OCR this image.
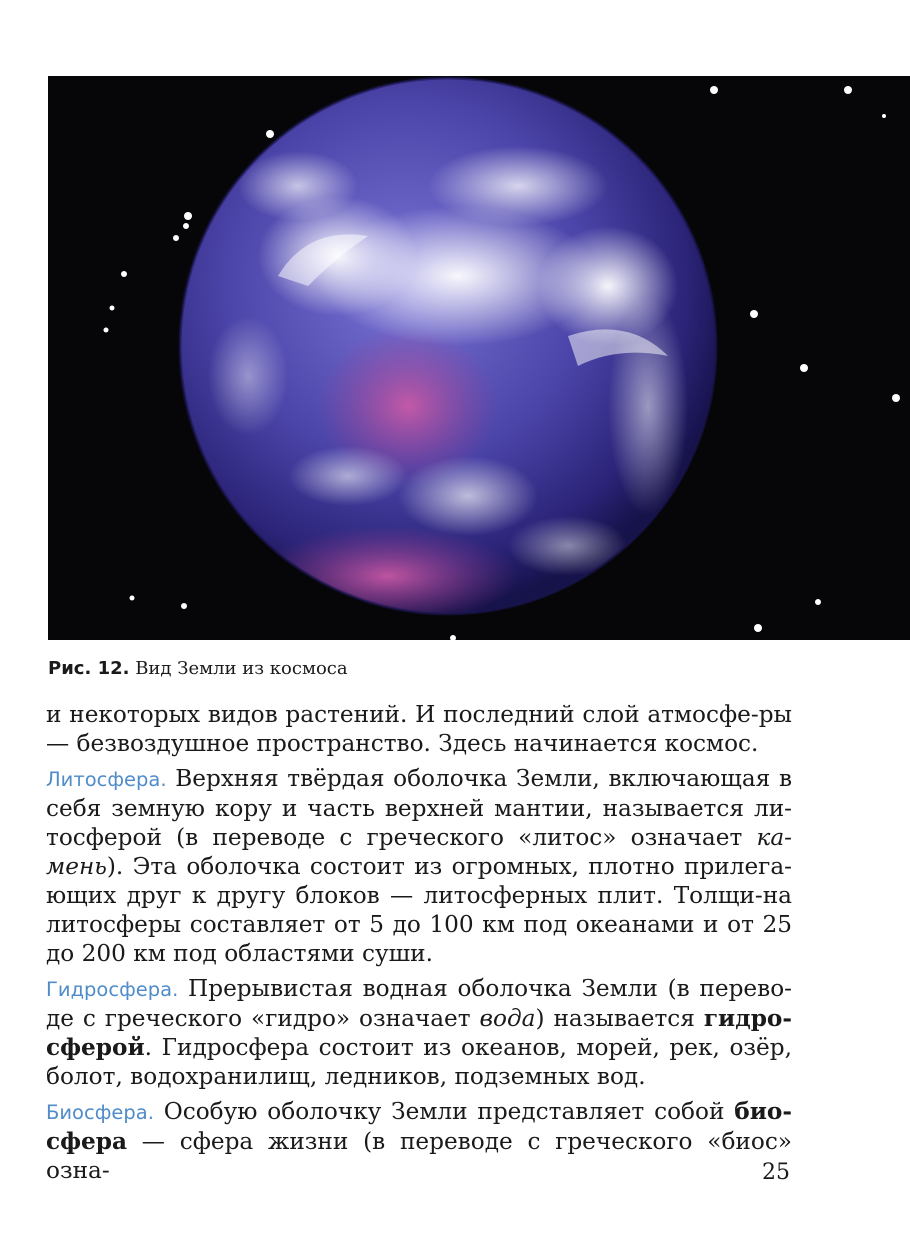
Рис. 12. Вид Земли из космоса

и некоторых видов растений. И последний слой атмосфе-ры — безвоздушное пространство. Здесь начинается космос.

Литосфера. Верхняя твёрдая оболочка Земли, включающая в себя земную кору и часть верхней мантии, называется ли-тосферой (в переводе с греческого «литос» означает ка-мень). Эта оболочка состоит из огромных, плотно прилега-ющих друг к другу блоков — литосферных плит. Толщи-на литосферы составляет от 5 до 100 км под океанами и от 25 до 200 км под областями суши.

Гидросфера. Прерывистая водная оболочка Земли (в перево-де с греческого «гидро» означает вода) называется гидро-сферой. Гидросфера состоит из океанов, морей, рек, озёр, болот, водохранилищ, ледников, подземных вод.

Биосфера. Особую оболочку Земли представляет собой био-сфера — сфера жизни (в переводе с греческого «биос» озна-	25
